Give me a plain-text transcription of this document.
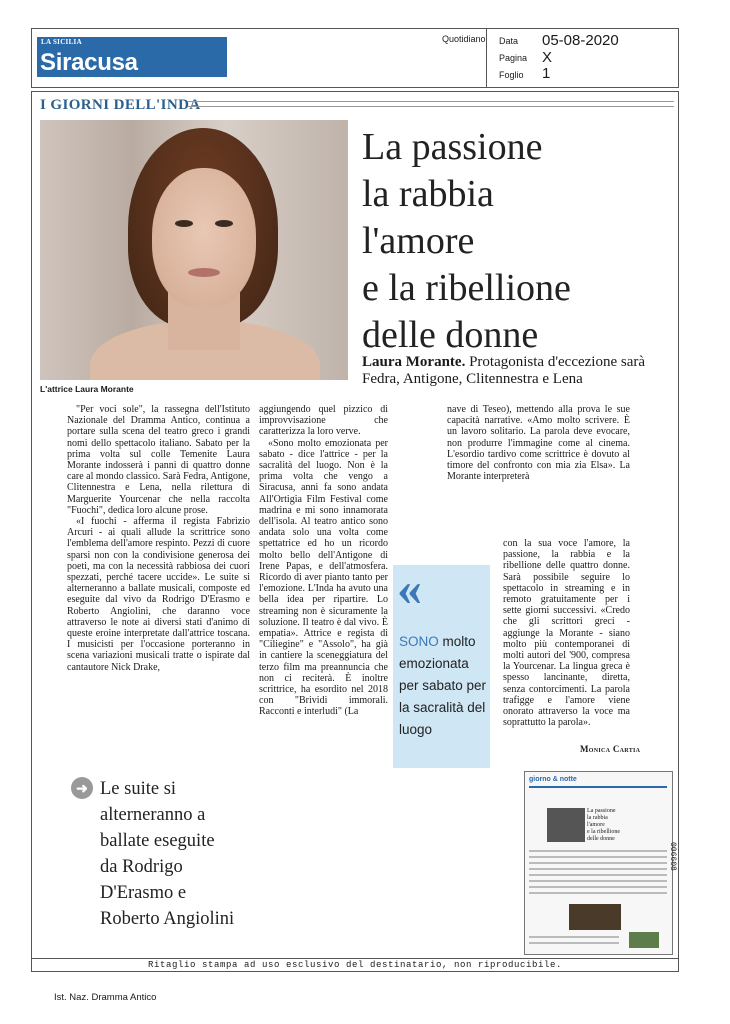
LA SICILIA
Siracusa
Quotidiano Data 05-08-2020
Pagina X
Foglio 1
I GIORNI DELL'INDA
L'attrice Laura Morante
La passione
la rabbia
l'amore
e la ribellione
delle donne
Laura Morante. Protagonista d'eccezione sarà Fedra, Antigone, Clitennestra e Lena

"Per voci sole", la rassegna dell'Istituto Nazionale del Dramma Antico, continua a portare sulla scena del teatro greco i grandi nomi dello spettacolo italiano. Sabato per la prima volta sul colle Temenite Laura Morante indosserà i panni di quattro donne care al mondo classico. Sarà Fedra, Antigone, Clitennestra e Lena, nella rilettura di Marguerite Yourcenar che nella raccolta "Fuochi", dedica loro alcune prose.

«I fuochi - afferma il regista Fabrizio Arcuri - ai quali allude la scrittrice sono l'emblema dell'amore respinto. Pezzi di cuore sparsi non con la condivisione generosa dei poeti, ma con la necessità rabbiosa dei cuori spezzati, perché tacere uccide». Le suite si alterneranno a ballate musicali, composte ed eseguite dal vivo da Rodrigo D'Erasmo e Roberto Angiolini, che daranno voce attraverso le note ai diversi stati d'animo di queste eroine interpretate dall'attrice toscana. I musicisti per l'occasione porteranno in scena variazioni musicali tratte o ispirate dal cantautore Nick Drake,

aggiungendo quel pizzico di improvvisazione che caratterizza la loro verve.

«Sono molto emozionata per sabato - dice l'attrice - per la sacralità del luogo. Non è la prima volta che vengo a Siracusa, anni fa sono andata All'Ortigia Film Festival come madrina e mi sono innamorata dell'isola. Al teatro antico sono andata solo una volta come spettatrice ed ho un ricordo molto bello dell'Antigone di Irene Papas, e dell'atmosfera. Ricordo di aver pianto tanto per l'emozione. L'Inda ha avuto una bella idea per ripartire. Lo streaming non è sicuramente la soluzione. Il teatro è dal vivo. È empatia». Attrice e regista di "Ciliegine" e "Assolo", ha già in cantiere la sceneggiatura del terzo film ma preannuncia che non ci reciterà. È inoltre scrittrice, ha esordito nel 2018 con "Brividi immorali. Racconti e interludi" (La

nave di Teseo), mettendo alla prova le sue capacità narrative. «Amo molto scrivere. È un lavoro solitario. La parola deve evocare, non produrre l'immagine come al cinema. L'esordio tardivo come scrittrice è dovuto al timore del confronto con mia zia Elsa». La Morante interpreterà

con la sua voce l'amore, la passione, la rabbia e la ribellione delle quattro donne. Sarà possibile seguire lo spettacolo in streaming e in remoto gratuitamente per i sette giorni successivi. «Credo che gli scrittori greci - aggiunge la Morante - siano molto più contemporanei di molti autori del '900, compresa la Yourcenar. La lingua greca è spesso lancinante, diretta, senza contorcimenti. La parola trafigge e l'amore viene onorato attraverso la voce ma soprattutto la parola».

Monica Cartia
«
SONO molto emozionata per sabato per la sacralità del luogo
➜ Le suite si
alterneranno a
ballate eseguite
da Rodrigo
D'Erasmo e
Roberto Angiolini
giorno & notte
La passione
la rabbia
l'amore
e la ribellione
delle donne
006608
Ritaglio stampa ad uso esclusivo del destinatario, non riproducibile.
Ist. Naz. Dramma Antico
